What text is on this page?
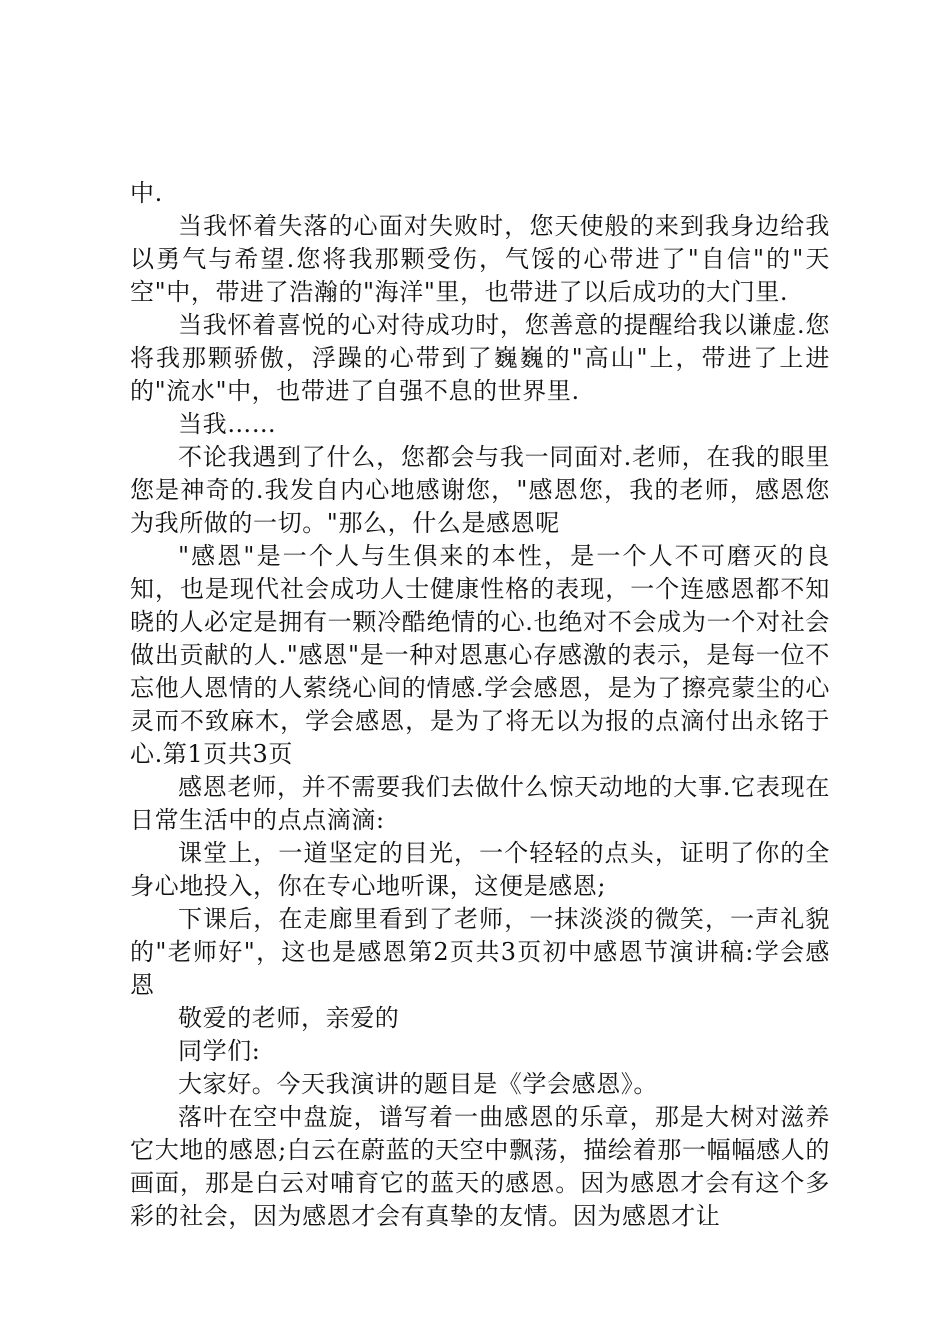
中.

当我怀着失落的心面对失败时，您天使般的来到我身边给我以勇气与希望.您将我那颗受伤，气馁的心带进了"自信"的"天空"中，带进了浩瀚的"海洋"里，也带进了以后成功的大门里.

当我怀着喜悦的心对待成功时，您善意的提醒给我以谦虚.您将我那颗骄傲，浮躁的心带到了巍巍的"高山"上，带进了上进的"流水"中，也带进了自强不息的世界里.

当我……

不论我遇到了什么，您都会与我一同面对.老师，在我的眼里您是神奇的.我发自内心地感谢您，"感恩您，我的老师，感恩您为我所做的一切。"那么，什么是感恩呢

"感恩"是一个人与生俱来的本性，是一个人不可磨灭的良知，也是现代社会成功人士健康性格的表现，一个连感恩都不知晓的人必定是拥有一颗冷酷绝情的心.也绝对不会成为一个对社会做出贡献的人."感恩"是一种对恩惠心存感激的表示，是每一位不忘他人恩情的人萦绕心间的情感.学会感恩，是为了擦亮蒙尘的心灵而不致麻木，学会感恩，是为了将无以为报的点滴付出永铭于心.第1页共3页

感恩老师，并不需要我们去做什么惊天动地的大事.它表现在日常生活中的点点滴滴:

课堂上，一道坚定的目光，一个轻轻的点头，证明了你的全身心地投入，你在专心地听课，这便是感恩;

下课后，在走廊里看到了老师，一抹淡淡的微笑，一声礼貌的"老师好"，这也是感恩第2页共3页初中感恩节演讲稿:学会感恩

敬爱的老师，亲爱的

同学们:

大家好。今天我演讲的题目是《学会感恩》。

落叶在空中盘旋，谱写着一曲感恩的乐章，那是大树对滋养它大地的感恩;白云在蔚蓝的天空中飘荡，描绘着那一幅幅感人的画面，那是白云对哺育它的蓝天的感恩。因为感恩才会有这个多彩的社会，因为感恩才会有真挚的友情。因为感恩才让
